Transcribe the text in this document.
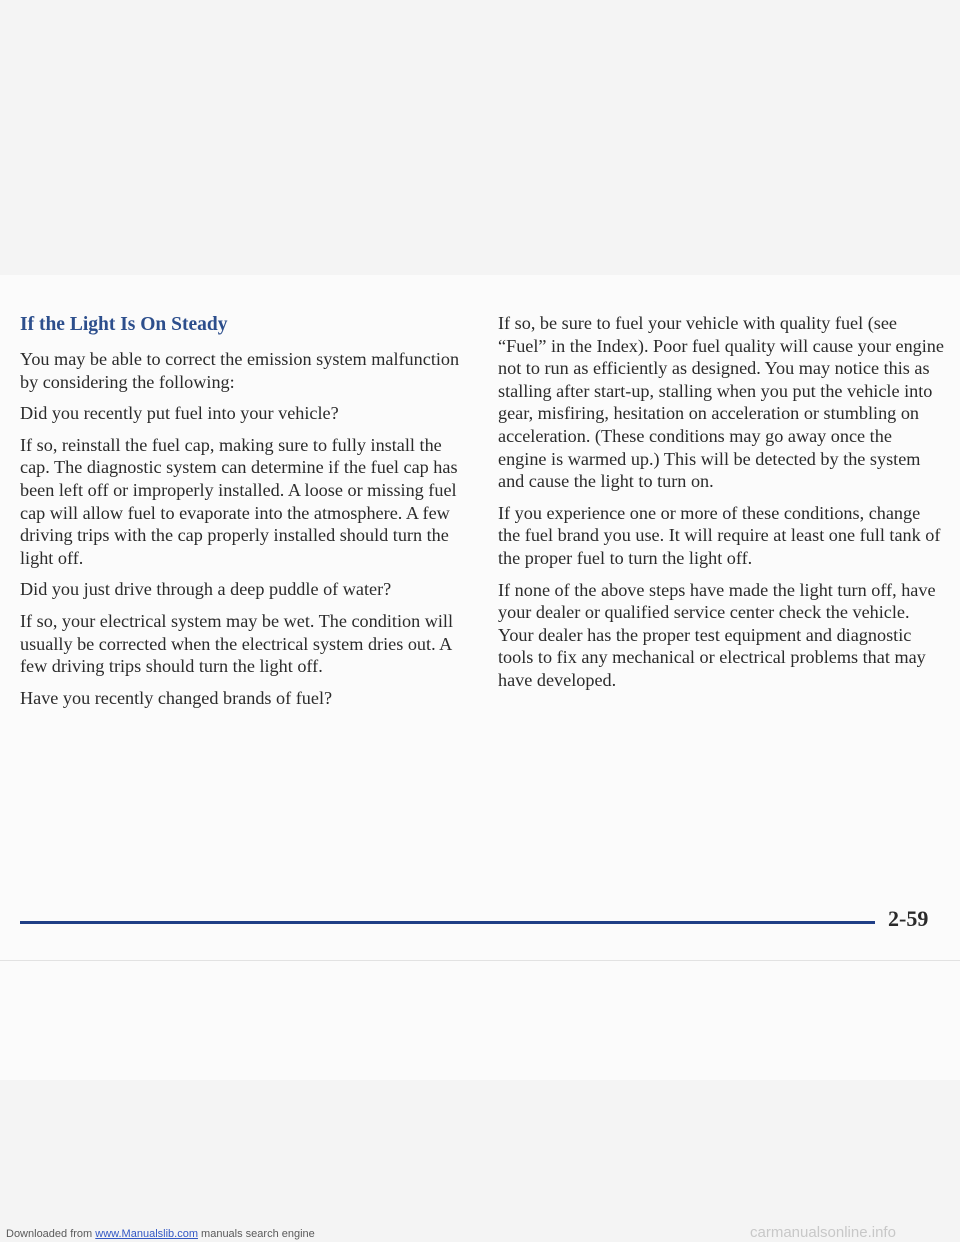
If the Light Is On Steady

You may be able to correct the emission system malfunction by considering the following:

Did you recently put fuel into your vehicle?

If so, reinstall the fuel cap, making sure to fully install the cap. The diagnostic system can determine if the fuel cap has been left off or improperly installed. A loose or missing fuel cap will allow fuel to evaporate into the atmosphere. A few driving trips with the cap properly installed should turn the light off.

Did you just drive through a deep puddle of water?

If so, your electrical system may be wet. The condition will usually be corrected when the electrical system dries out. A few driving trips should turn the light off.

Have you recently changed brands of fuel?

If so, be sure to fuel your vehicle with quality fuel (see “Fuel” in the Index). Poor fuel quality will cause your engine not to run as efficiently as designed. You may notice this as stalling after start-up, stalling when you put the vehicle into gear, misfiring, hesitation on acceleration or stumbling on acceleration. (These conditions may go away once the engine is warmed up.) This will be detected by the system and cause the light to turn on.

If you experience one or more of these conditions, change the fuel brand you use. It will require at least one full tank of the proper fuel to turn the light off.

If none of the above steps have made the light turn off, have your dealer or qualified service center check the vehicle. Your dealer has the proper test equipment and diagnostic tools to fix any mechanical or electrical problems that may have developed.

2-59
Downloaded from www.Manualslib.com manuals search engine	carmanualsonline.info
